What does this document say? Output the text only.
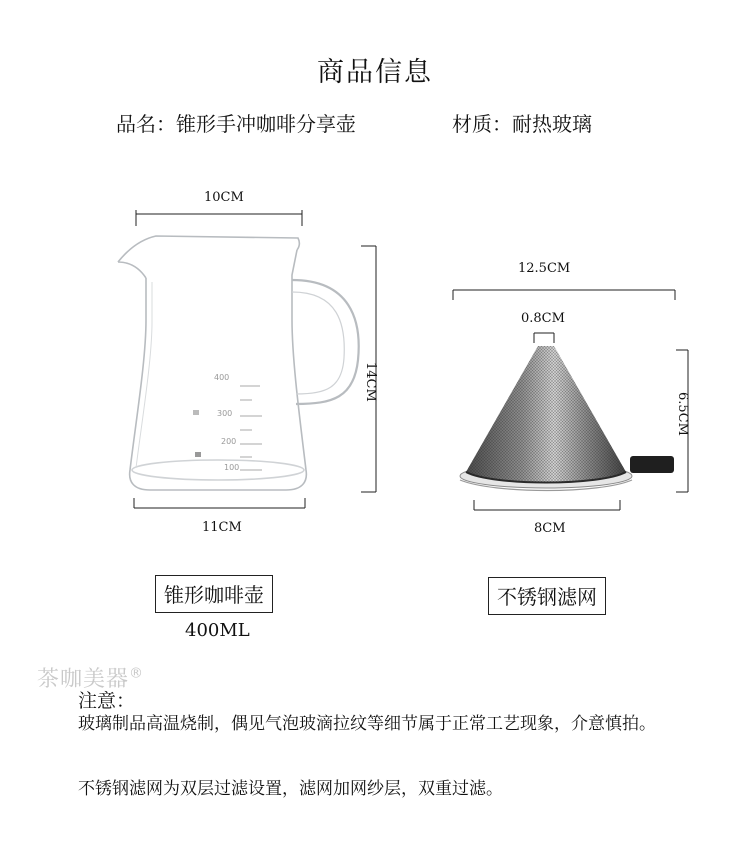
商品信息
品名：锥形手冲咖啡分享壶	材质：耐热玻璃
10CM
11CM
14CM
400
300
200
100
12.5CM
0.8CM
6.5CM
8CM
锥形咖啡壶
400ML
不锈钢滤网
茶咖美器®
注意：
玻璃制品高温烧制，偶见气泡玻滴拉纹等细节属于正常工艺现象，介意慎拍。
不锈钢滤网为双层过滤设置，滤网加网纱层，双重过滤。
